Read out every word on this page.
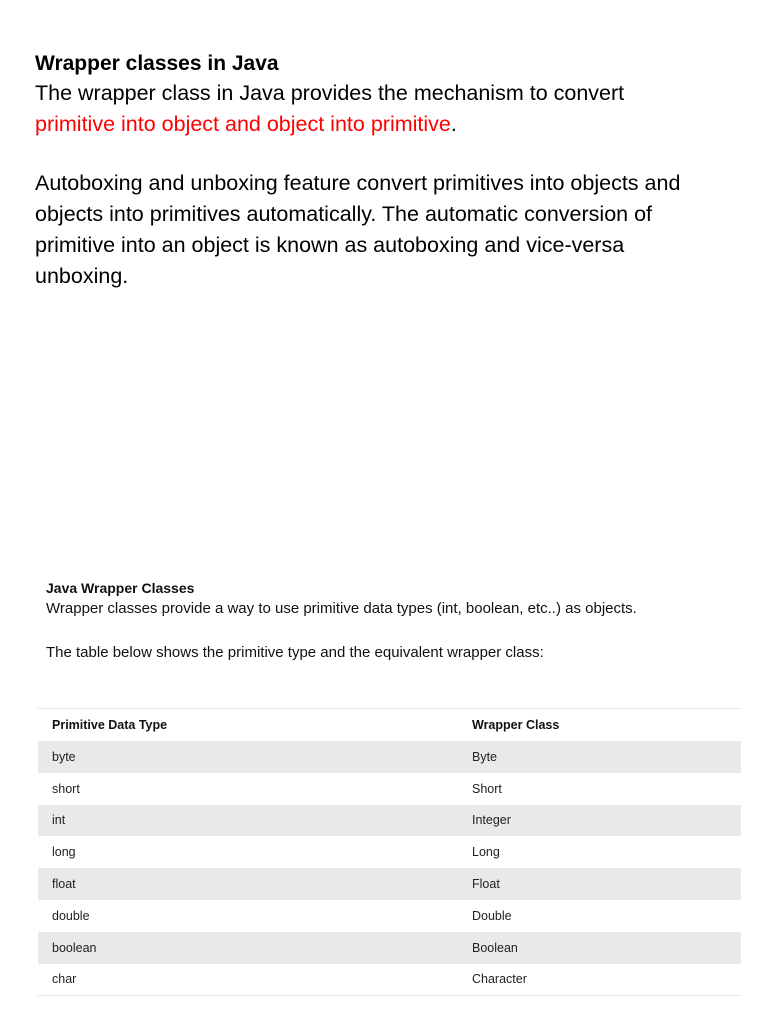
Wrapper classes in Java

The wrapper class in Java provides the mechanism to convert
primitive into object and object into primitive.

Autoboxing and unboxing feature convert primitives into objects and
objects into primitives automatically. The automatic conversion of
primitive into an object is known as autoboxing and vice-versa
unboxing.

Java Wrapper Classes

Wrapper classes provide a way to use primitive data types (int, boolean, etc..) as objects.

The table below shows the primitive type and the equivalent wrapper class:

Primitive Data Type	Wrapper Class
byte	Byte
short	Short
int	Integer
long	Long
float	Float
double	Double
boolean	Boolean
char	Character
